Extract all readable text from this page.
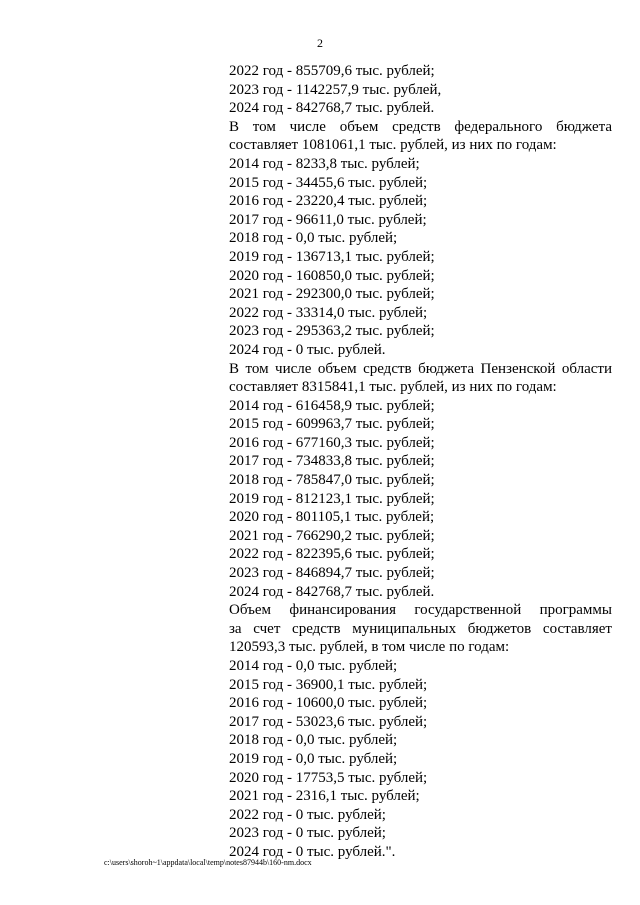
2
2022 год - 855709,6 тыс. рублей;
2023 год - 1142257,9 тыс. рублей,
2024 год - 842768,7 тыс. рублей.
В том числе объем средств федерального бюджета
составляет 1081061,1 тыс. рублей, из них по годам:
2014 год - 8233,8 тыс. рублей;
2015 год - 34455,6 тыс. рублей;
2016 год - 23220,4 тыс. рублей;
2017 год - 96611,0 тыс. рублей;
2018 год - 0,0 тыс. рублей;
2019 год - 136713,1 тыс. рублей;
2020 год - 160850,0 тыс. рублей;
2021 год - 292300,0 тыс. рублей;
2022 год - 33314,0 тыс. рублей;
2023 год - 295363,2 тыс. рублей;
2024 год - 0 тыс. рублей.
В том числе объем средств бюджета Пензенской области
составляет 8315841,1 тыс. рублей, из них по годам:
2014 год - 616458,9 тыс. рублей;
2015 год - 609963,7 тыс. рублей;
2016 год - 677160,3 тыс. рублей;
2017 год - 734833,8 тыс. рублей;
2018 год - 785847,0 тыс. рублей;
2019 год - 812123,1 тыс. рублей;
2020 год - 801105,1 тыс. рублей;
2021 год - 766290,2 тыс. рублей;
2022 год - 822395,6 тыс. рублей;
2023 год - 846894,7 тыс. рублей;
2024 год - 842768,7 тыс. рублей.
Объем финансирования государственной программы
за счет средств муниципальных бюджетов составляет
120593,3 тыс. рублей, в том числе по годам:
2014 год - 0,0 тыс. рублей;
2015 год - 36900,1 тыс. рублей;
2016 год - 10600,0 тыс. рублей;
2017 год - 53023,6 тыс. рублей;
2018 год - 0,0 тыс. рублей;
2019 год - 0,0 тыс. рублей;
2020 год - 17753,5 тыс. рублей;
2021 год - 2316,1 тыс. рублей;
2022 год - 0 тыс. рублей;
2023 год - 0 тыс. рублей;
2024 год - 0 тыс. рублей.".
c:\users\shoroh~1\appdata\local\temp\notes87944b\160-nm.docx
